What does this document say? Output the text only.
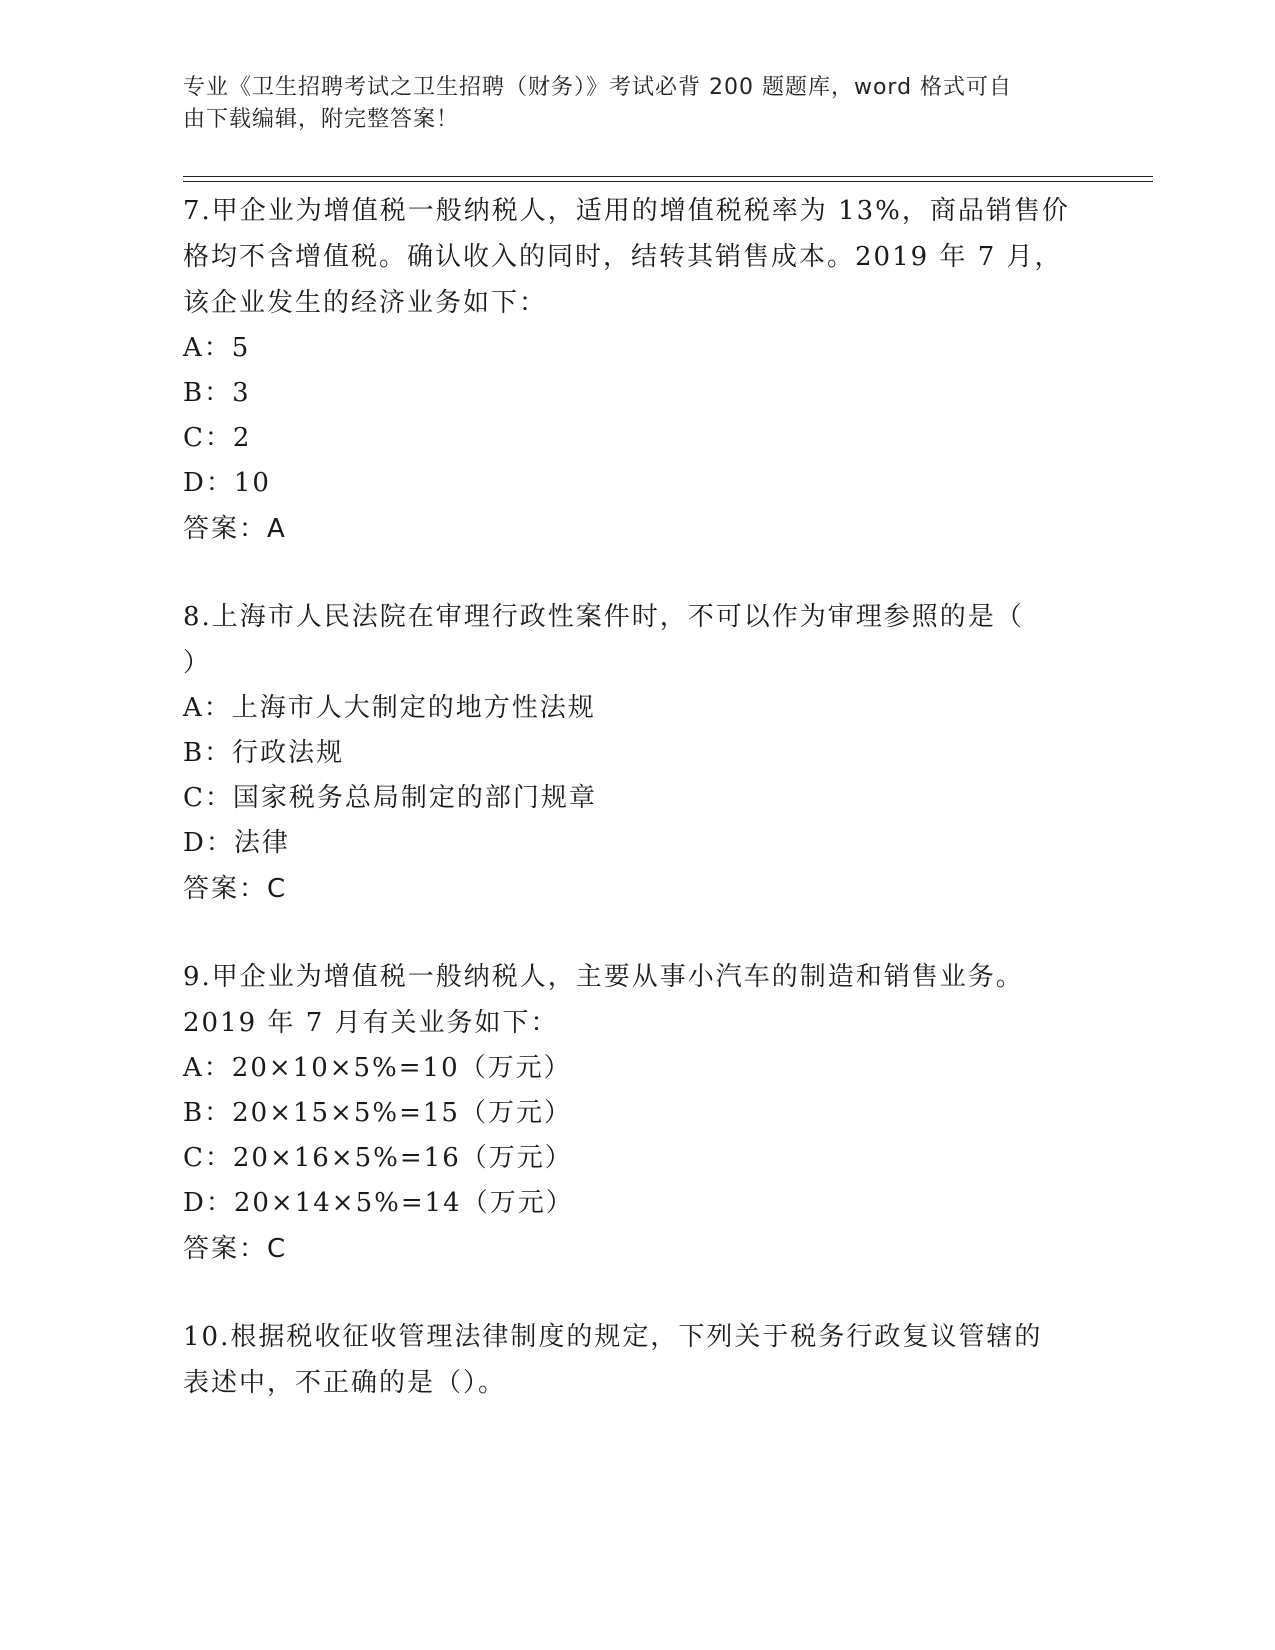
专业《卫生招聘考试之卫生招聘（财务）》考试必背 200 题题库，word 格式可自
由下载编辑，附完整答案！
7.甲企业为增值税一般纳税人，适用的增值税税率为 13%，商品销售价
格均不含增值税。确认收入的同时，结转其销售成本。2019 年 7 月，
该企业发生的经济业务如下：
A：5
B：3
C：2
D：10
答案：A
8.上海市人民法院在审理行政性案件时，不可以作为审理参照的是（
）
A：上海市人大制定的地方性法规
B：行政法规
C：国家税务总局制定的部门规章
D：法律
答案：C
9.甲企业为增值税一般纳税人，主要从事小汽车的制造和销售业务。
2019 年 7 月有关业务如下：
A：20×10×5%=10（万元）
B：20×15×5%=15（万元）
C：20×16×5%=16（万元）
D：20×14×5%=14（万元）
答案：C
10.根据税收征收管理法律制度的规定，下列关于税务行政复议管辖的
表述中，不正确的是（）。
